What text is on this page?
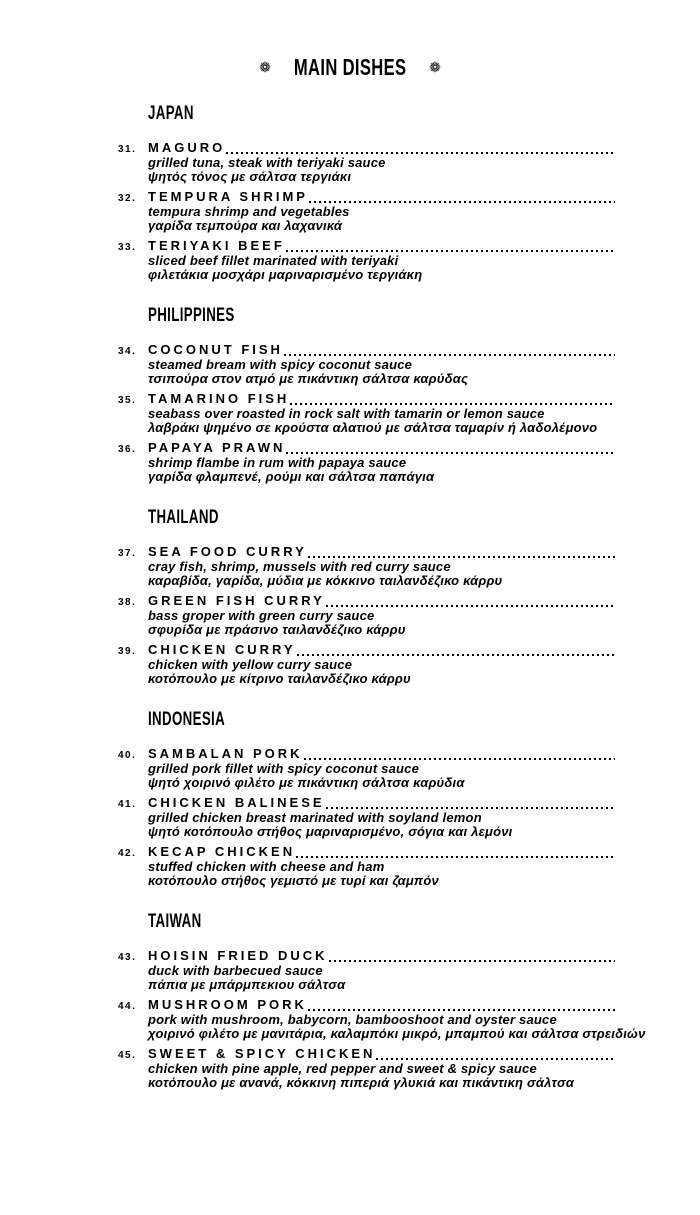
❁ MAIN DISHES ❁
JAPAN
31. MAGURO
grilled tuna, steak with teriyaki sauce
ψητός τόνος με σάλτσα τεργιάκι
32. TEMPURA SHRIMP
tempura shrimp and vegetables
γαρίδα τεμπούρα και λαχανικά
33. TERIYAKI BEEF
sliced beef fillet marinated with teriyaki
φιλετάκια μοσχάρι μαριναρισμένο τεργιάκη
PHILIPPINES
34. COCONUT FISH
steamed bream with spicy coconut sauce
τσιπούρα στον ατμό με πικάντικη σάλτσα καρύδας
35. TAMARINO FISH
seabass over roasted in rock salt with tamarin or lemon sauce
λαβράκι ψημένο σε κρούστα αλατιού με σάλτσα ταμαρίν ή λαδολέμονο
36. PAPAYA PRAWN
shrimp flambe in rum with papaya sauce
γαρίδα φλαμπενέ, ρούμι και σάλτσα παπάγια
THAILAND
37. SEA FOOD CURRY
cray fish, shrimp, mussels with red curry sauce
καραβίδα, γαρίδα, μύδια με κόκκινο ταιλανδέζικο κάρρυ
38. GREEN FISH CURRY
bass groper with green curry sauce
σφυρίδα με πράσινο ταιλανδέζικο κάρρυ
39. CHICKEN CURRY
chicken with yellow curry sauce
κοτόπουλο με κίτρινο ταιλανδέζικο κάρρυ
INDONESIA
40. SAMBALAN PORK
grilled pork fillet with spicy coconut sauce
ψητό χοιρινό φιλέτο με πικάντικη σάλτσα καρύδια
41. CHICKEN BALINESE
grilled chicken breast marinated with soyland lemon
ψητό κοτόπουλο στήθος μαριναρισμένο, σόγια και λεμόνι
42. KECAP CHICKEN
stuffed chicken with cheese and ham
κοτόπουλο στήθος γεμιστό με τυρί και ζαμπόν
TAIWAN
43. HOISIN FRIED DUCK
duck with barbecued sauce
πάπια με μπάρμπεκιου σάλτσα
44. MUSHROOM PORK
pork with mushroom, babycorn, bambooshoot and oyster sauce
χοιρινό φιλέτο με μανιτάρια, καλαμπόκι μικρό, μπαμπού και σάλτσα στρειδιών
45. SWEET & SPICY CHICKEN
chicken with pine apple, red pepper and sweet & spicy sauce
κοτόπουλο με ανανά, κόκκινη πιπεριά γλυκιά και πικάντικη σάλτσα
